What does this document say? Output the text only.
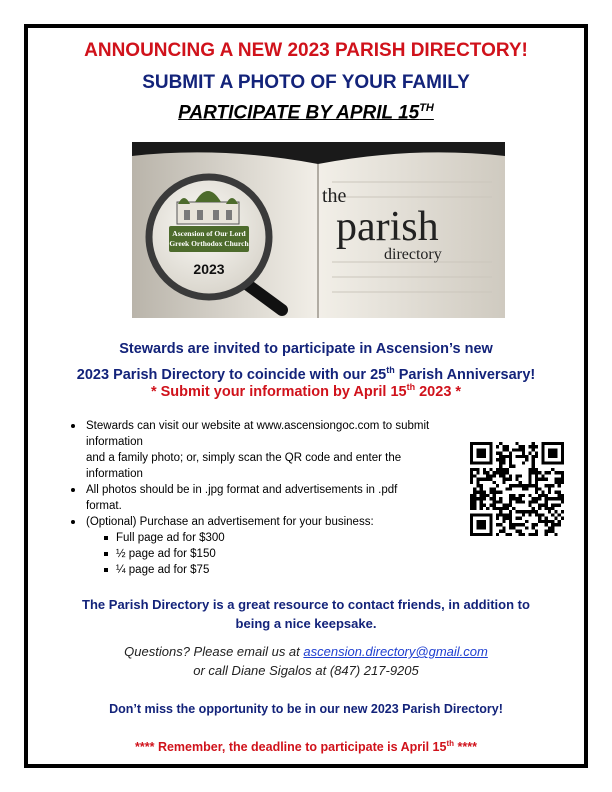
ANNOUNCING A NEW 2023 PARISH DIRECTORY!
SUBMIT A PHOTO OF YOUR FAMILY
PARTICIPATE BY APRIL 15TH
Ascension of Our Lord
Greek Orthodox Church
2023
the
parish
directory
Stewards are invited to participate in Ascension’s new
2023 Parish Directory to coincide with our 25th Parish Anniversary!
* Submit your information by April 15th 2023 *
Stewards can visit our website at www.ascensiongoc.com to submit information
and a family photo; or, simply scan the QR code and enter the
information
All photos should be in .jpg format and advertisements in .pdf
format.
(Optional) Purchase an advertisement for your business:
Full page ad for $300
½ page ad for $150
¼ page ad for $75
The Parish Directory is a great resource to contact friends, in addition to
being a nice keepsake.
Questions? Please email us at ascension.directory@gmail.com
or call Diane Sigalos at (847) 217-9205
Don’t miss the opportunity to be in our new 2023 Parish Directory!
**** Remember, the deadline to participate is April 15th ****
